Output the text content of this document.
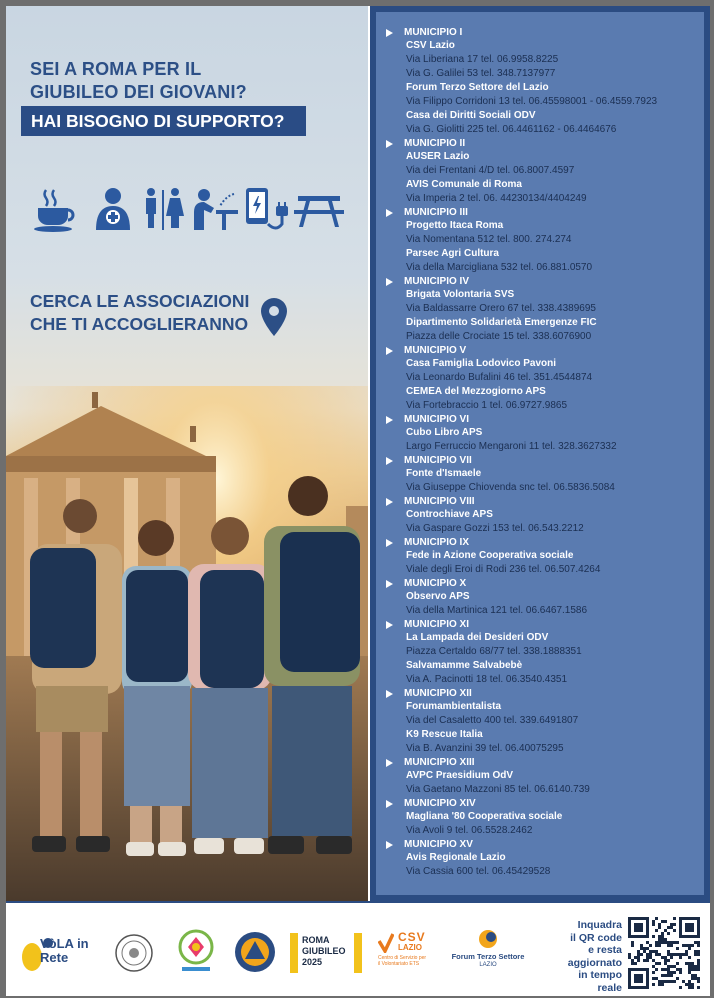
SEI A ROMA PER IL
GIUBILEO DEI GIOVANI?
HAI BISOGNO DI SUPPORTO?
CERCA LE ASSOCIAZIONI
CHE TI ACCOGLIERANNO
MUNICIPIO I
CSV Lazio
Via Liberiana 17 tel. 06.9958.8225
Via G. Galilei 53 tel. 348.7137977
Forum Terzo Settore del Lazio
Via Filippo Corridoni 13 tel. 06.45598001 - 06.4559.7923
Casa dei Diritti Sociali ODV
Via G. Giolitti 225 tel. 06.4461162 - 06.4464676
MUNICIPIO II
AUSER Lazio
Via dei Frentani 4/D tel. 06.8007.4597
AVIS Comunale di Roma
Via Imperia 2 tel. 06. 44230134/4404249
MUNICIPIO III
Progetto Itaca Roma
Via Nomentana 512 tel. 800. 274.274
Parsec Agri Cultura
Via della Marcigliana 532 tel. 06.881.0570
MUNICIPIO IV
Brigata Volontaria SVS
Via Baldassarre Orero 67 tel. 338.4389695
Dipartimento Solidarietà Emergenze FIC
Piazza delle Crociate 15 tel. 338.6076900
MUNICIPIO V
Casa Famiglia Lodovico Pavoni
Via Leonardo Bufalini 46 tel. 351.4544874
CEMEA del Mezzogiorno APS
Via Fortebraccio 1 tel. 06.9727.9865
MUNICIPIO VI
Cubo Libro APS
Largo Ferruccio Mengaroni 11 tel. 328.3627332
MUNICIPIO VII
Fonte d'Ismaele
Via Giuseppe Chiovenda snc tel. 06.5836.5084
MUNICIPIO VIII
Controchiave APS
Via Gaspare Gozzi 153 tel. 06.543.2212
MUNICIPIO IX
Fede in Azione Cooperativa sociale
Viale degli Eroi di Rodi 236 tel. 06.507.4264
MUNICIPIO X
Observo APS
Via della Martinica 121 tel. 06.6467.1586
MUNICIPIO XI
La Lampada dei Desideri ODV
Piazza Certaldo 68/77 tel. 338.1888351
Salvamamme Salvabebè
Via A. Pacinotti 18 tel. 06.3540.4351
MUNICIPIO XII
Forumambientalista
Via del Casaletto 400 tel. 339.6491807
K9 Rescue Italia
Via B. Avanzini 39 tel. 06.40075295
MUNICIPIO XIII
AVPC Praesidium OdV
Via Gaetano Mazzoni 85 tel. 06.6140.739
MUNICIPIO XIV
Magliana '80 Cooperativa sociale
Via Avoli 9 tel. 06.5528.2462
MUNICIPIO XV
Avis Regionale Lazio
Via Cassia 600 tel. 06.45429528
VòLA in Rete
ROMA
GIUBILEO
2025
CSV
LAZIO
Centro di Servizio per
il Volontariato ETS
Forum Terzo Settore
LAZIO
Inquadra
il QR code
e resta
aggiornato
in tempo
reale
